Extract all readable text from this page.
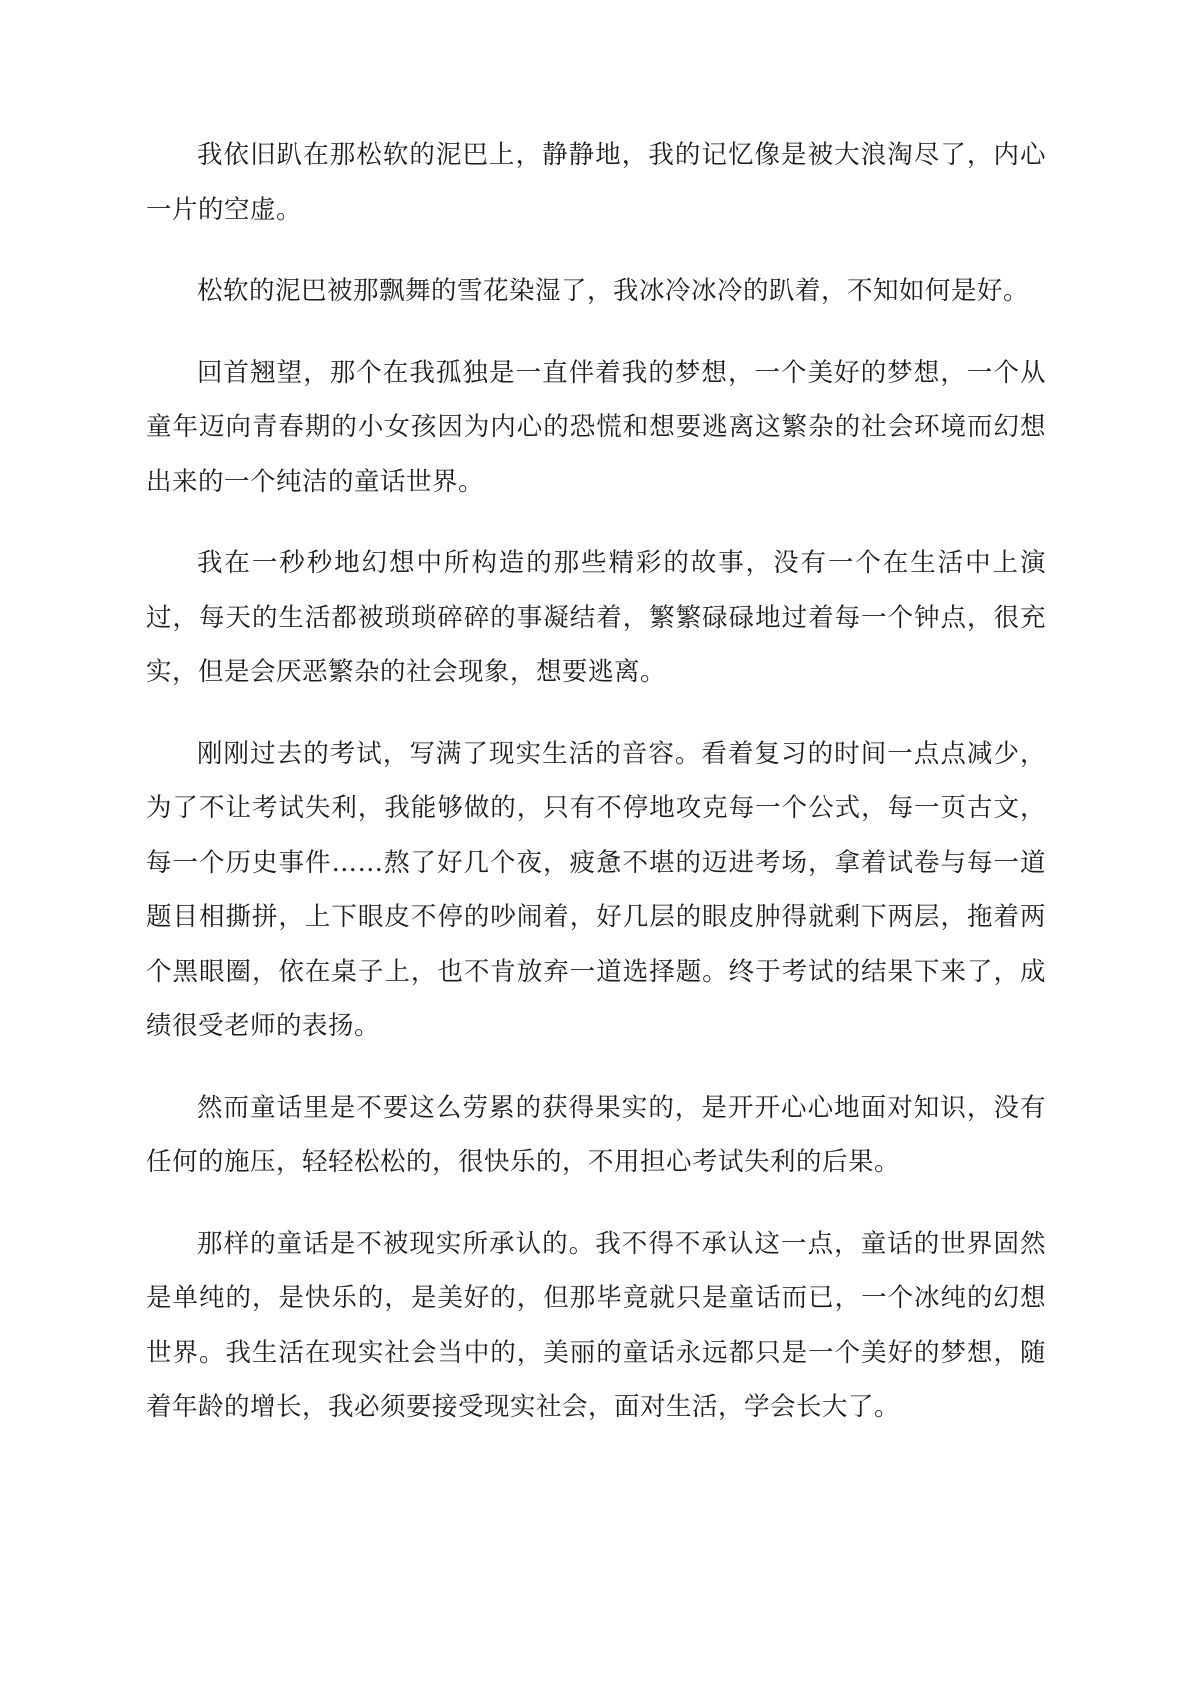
我依旧趴在那松软的泥巴上，静静地，我的记忆像是被大浪淘尽了，内心一片的空虚。

松软的泥巴被那飘舞的雪花染湿了，我冰冷冰冷的趴着，不知如何是好。

回首翘望，那个在我孤独是一直伴着我的梦想，一个美好的梦想，一个从童年迈向青春期的小女孩因为内心的恐慌和想要逃离这繁杂的社会环境而幻想出来的一个纯洁的童话世界。

我在一秒秒地幻想中所构造的那些精彩的故事，没有一个在生活中上演过，每天的生活都被琐琐碎碎的事凝结着，繁繁碌碌地过着每一个钟点，很充实，但是会厌恶繁杂的社会现象，想要逃离。

刚刚过去的考试，写满了现实生活的音容。看着复习的时间一点点减少，为了不让考试失利，我能够做的，只有不停地攻克每一个公式，每一页古文，每一个历史事件……熬了好几个夜，疲惫不堪的迈进考场，拿着试卷与每一道题目相撕拼，上下眼皮不停的吵闹着，好几层的眼皮肿得就剩下两层，拖着两个黑眼圈，依在桌子上，也不肯放弃一道选择题。终于考试的结果下来了，成绩很受老师的表扬。

然而童话里是不要这么劳累的获得果实的，是开开心心地面对知识，没有任何的施压，轻轻松松的，很快乐的，不用担心考试失利的后果。

那样的童话是不被现实所承认的。我不得不承认这一点，童话的世界固然是单纯的，是快乐的，是美好的，但那毕竟就只是童话而已，一个冰纯的幻想世界。我生活在现实社会当中的，美丽的童话永远都只是一个美好的梦想，随着年龄的增长，我必须要接受现实社会，面对生活，学会长大了。
